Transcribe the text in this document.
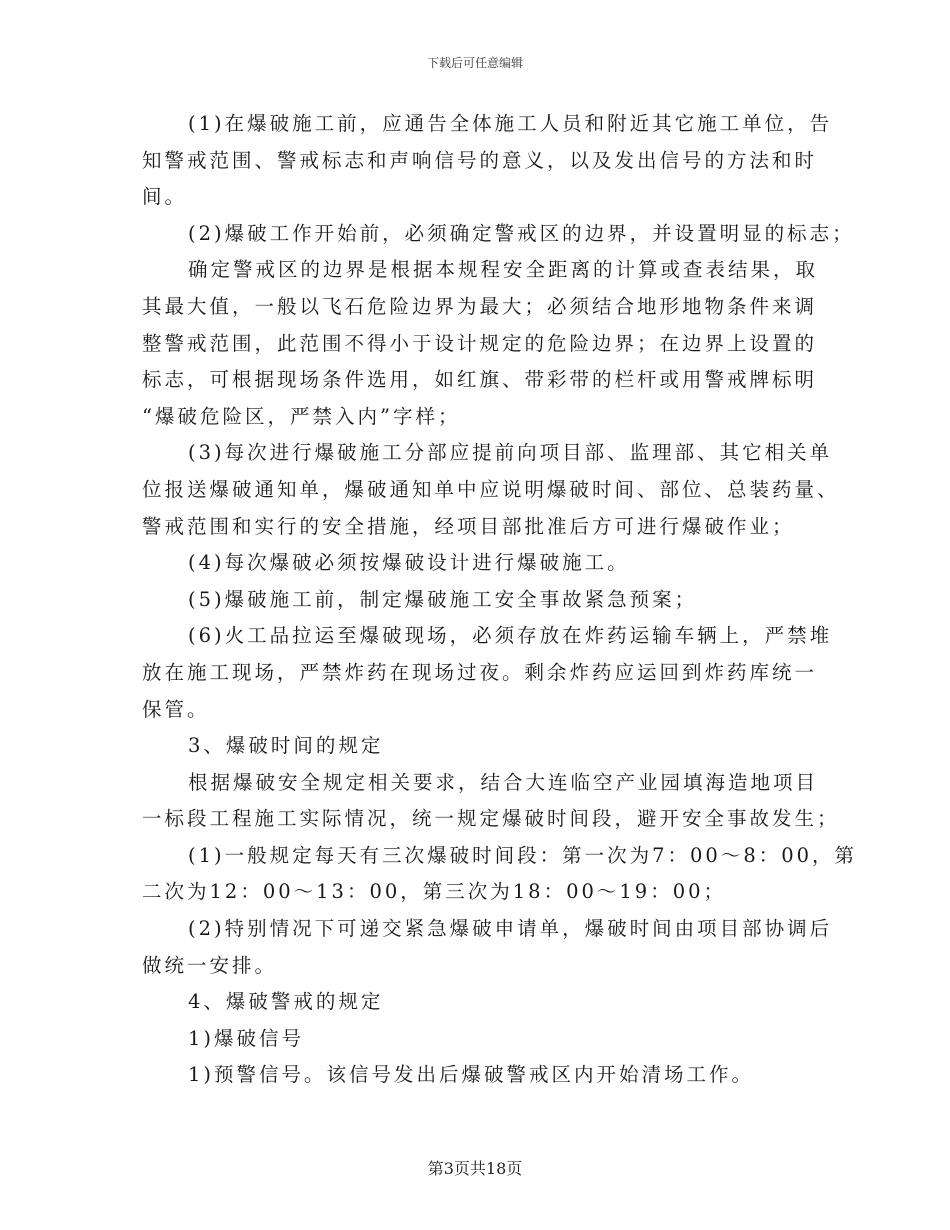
下载后可任意编辑

(1)在爆破施工前，应通告全体施工人员和附近其它施工单位，告

知警戒范围、警戒标志和声响信号的意义，以及发出信号的方法和时

间。

(2)爆破工作开始前，必须确定警戒区的边界，并设置明显的标志；

确定警戒区的边界是根据本规程安全距离的计算或查表结果，取

其最大值，一般以飞石危险边界为最大；必须结合地形地物条件来调

整警戒范围，此范围不得小于设计规定的危险边界；在边界上设置的

标志，可根据现场条件选用，如红旗、带彩带的栏杆或用警戒牌标明

“爆破危险区，严禁入内”字样；

(3)每次进行爆破施工分部应提前向项目部、监理部、其它相关单

位报送爆破通知单，爆破通知单中应说明爆破时间、部位、总装药量、

警戒范围和实行的安全措施，经项目部批准后方可进行爆破作业；

(4)每次爆破必须按爆破设计进行爆破施工。

(5)爆破施工前，制定爆破施工安全事故紧急预案；

(6)火工品拉运至爆破现场，必须存放在炸药运输车辆上，严禁堆

放在施工现场，严禁炸药在现场过夜。剩余炸药应运回到炸药库统一

保管。

3、爆破时间的规定

根据爆破安全规定相关要求，结合大连临空产业园填海造地项目

一标段工程施工实际情况，统一规定爆破时间段，避开安全事故发生；

(1)一般规定每天有三次爆破时间段：第一次为7：00～8：00，第

二次为12：00～13：00，第三次为18：00～19：00；

(2)特别情况下可递交紧急爆破申请单，爆破时间由项目部协调后

做统一安排。

4、爆破警戒的规定

1)爆破信号

1)预警信号。该信号发出后爆破警戒区内开始清场工作。

第3页共18页
